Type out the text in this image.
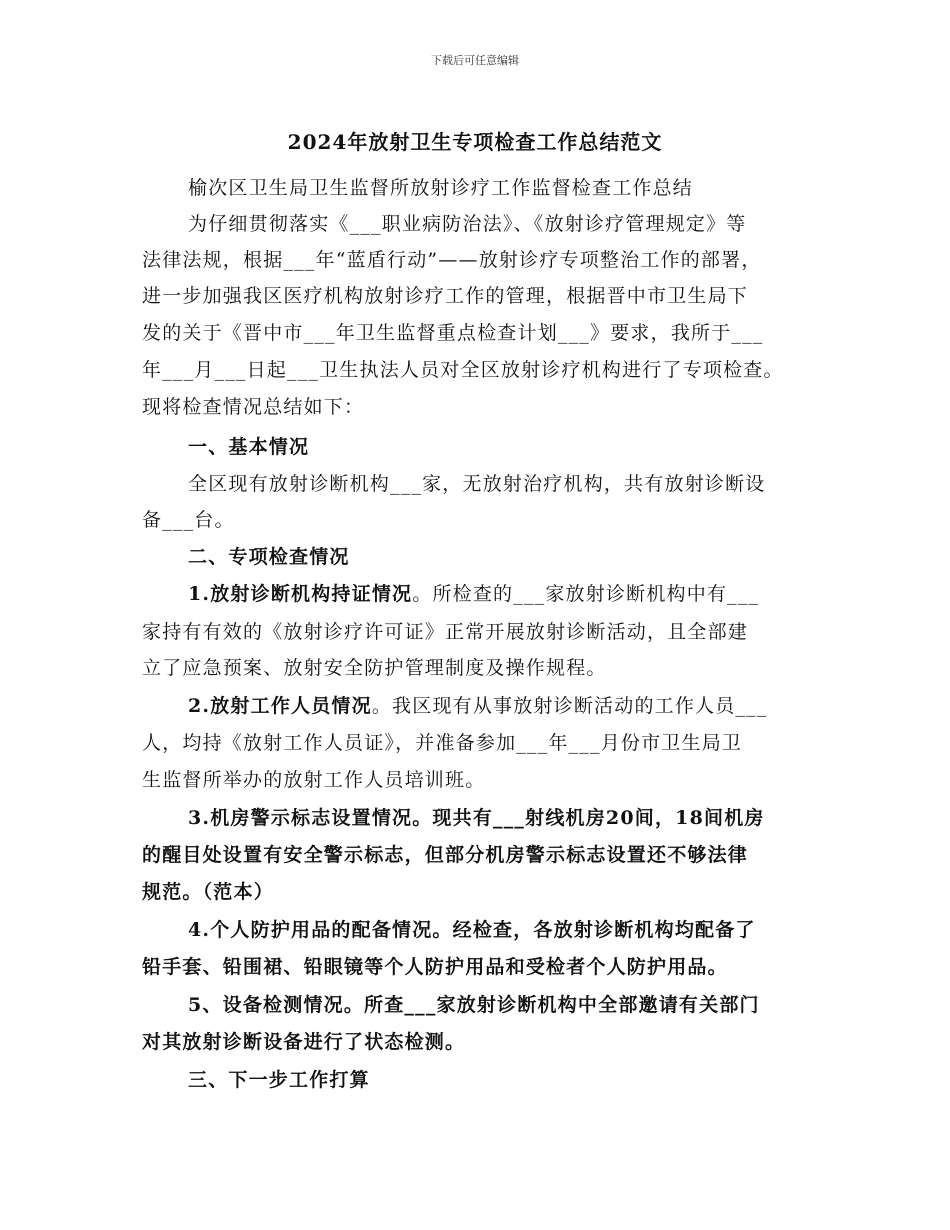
下载后可任意编辑
2024年放射卫生专项检查工作总结范文
榆次区卫生局卫生监督所放射诊疗工作监督检查工作总结
为仔细贯彻落实《___职业病防治法》、《放射诊疗管理规定》等
法律法规，根据___年“蓝盾行动”——放射诊疗专项整治工作的部署，
进一步加强我区医疗机构放射诊疗工作的管理，根据晋中市卫生局下
发的关于《晋中市___年卫生监督重点检查计划___》要求，我所于___
年___月___日起___卫生执法人员对全区放射诊疗机构进行了专项检查。
现将检查情况总结如下：
一、基本情况
全区现有放射诊断机构___家，无放射治疗机构，共有放射诊断设
备___台。
二、专项检查情况
1.放射诊断机构持证情况。所检查的___家放射诊断机构中有___
家持有有效的《放射诊疗许可证》正常开展放射诊断活动，且全部建
立了应急预案、放射安全防护管理制度及操作规程。
2.放射工作人员情况。我区现有从事放射诊断活动的工作人员___
人，均持《放射工作人员证》，并准备参加___年___月份市卫生局卫
生监督所举办的放射工作人员培训班。
3.机房警示标志设置情况。现共有___射线机房20间，18间机房
的醒目处设置有安全警示标志，但部分机房警示标志设置还不够法律
规范。（范本）
4.个人防护用品的配备情况。经检查，各放射诊断机构均配备了
铅手套、铅围裙、铅眼镜等个人防护用品和受检者个人防护用品。
5、设备检测情况。所查___家放射诊断机构中全部邀请有关部门
对其放射诊断设备进行了状态检测。
三、下一步工作打算
